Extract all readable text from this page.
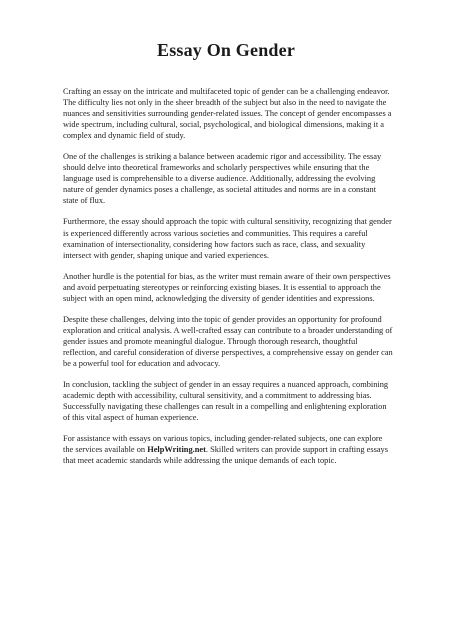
Essay On Gender

Crafting an essay on the intricate and multifaceted topic of gender can be a challenging endeavor. The difficulty lies not only in the sheer breadth of the subject but also in the need to navigate the nuances and sensitivities surrounding gender-related issues. The concept of gender encompasses a wide spectrum, including cultural, social, psychological, and biological dimensions, making it a complex and dynamic field of study.

One of the challenges is striking a balance between academic rigor and accessibility. The essay should delve into theoretical frameworks and scholarly perspectives while ensuring that the language used is comprehensible to a diverse audience. Additionally, addressing the evolving nature of gender dynamics poses a challenge, as societal attitudes and norms are in a constant state of flux.

Furthermore, the essay should approach the topic with cultural sensitivity, recognizing that gender is experienced differently across various societies and communities. This requires a careful examination of intersectionality, considering how factors such as race, class, and sexuality intersect with gender, shaping unique and varied experiences.

Another hurdle is the potential for bias, as the writer must remain aware of their own perspectives and avoid perpetuating stereotypes or reinforcing existing biases. It is essential to approach the subject with an open mind, acknowledging the diversity of gender identities and expressions.

Despite these challenges, delving into the topic of gender provides an opportunity for profound exploration and critical analysis. A well-crafted essay can contribute to a broader understanding of gender issues and promote meaningful dialogue. Through thorough research, thoughtful reflection, and careful consideration of diverse perspectives, a comprehensive essay on gender can be a powerful tool for education and advocacy.

In conclusion, tackling the subject of gender in an essay requires a nuanced approach, combining academic depth with accessibility, cultural sensitivity, and a commitment to addressing bias. Successfully navigating these challenges can result in a compelling and enlightening exploration of this vital aspect of human experience.

For assistance with essays on various topics, including gender-related subjects, one can explore the services available on HelpWriting.net. Skilled writers can provide support in crafting essays that meet academic standards while addressing the unique demands of each topic.
